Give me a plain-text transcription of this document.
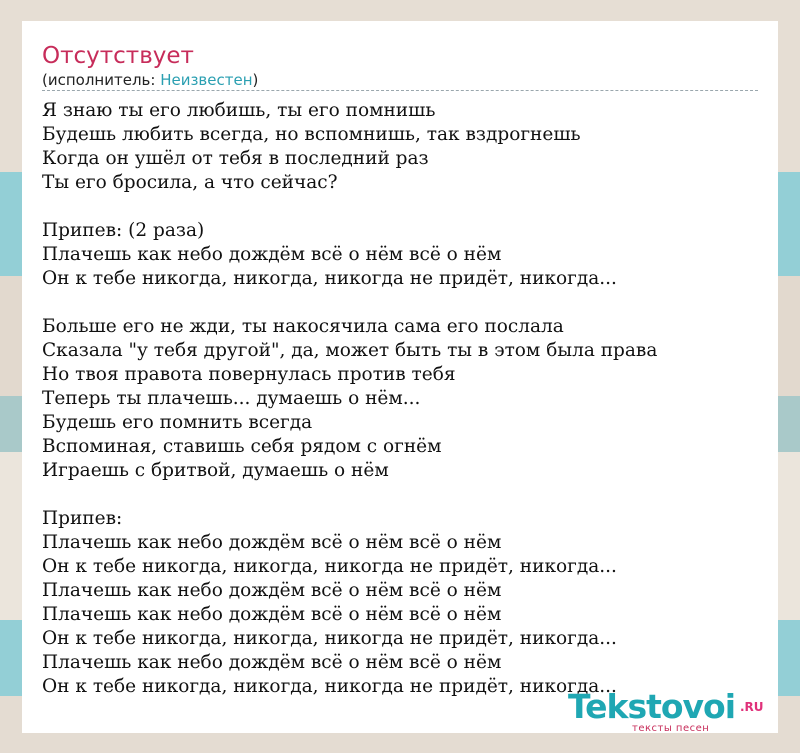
Отсутствует
(исполнитель: Неизвестен)
Я знаю ты его любишь, ты его помнишь
Будешь любить всегда, но вспомнишь, так вздрогнешь
Когда он ушёл от тебя в последний раз
Ты его бросила, а что сейчас?
Припев: (2 раза)
Плачешь как небо дождём всё о нём всё о нём
Он к тебе никогда, никогда, никогда не придёт, никогда...
Больше его не жди, ты накосячила сама его послала
Сказала "у тебя другой", да, может быть ты в этом была права
Но твоя правота повернулась против тебя
Теперь ты плачешь... думаешь о нём...
Будешь его помнить всегда
Вспоминая, ставишь себя рядом с огнём
Играешь с бритвой, думаешь о нём
Припев:
Плачешь как небо дождём всё о нём всё о нём
Он к тебе никогда, никогда, никогда не придёт, никогда...
Плачешь как небо дождём всё о нём всё о нём
Плачешь как небо дождём всё о нём всё о нём
Он к тебе никогда, никогда, никогда не придёт, никогда...
Плачешь как небо дождём всё о нём всё о нём
Он к тебе никогда, никогда, никогда не придёт, никогда...
Tekstovoi .RU
тексты песен
